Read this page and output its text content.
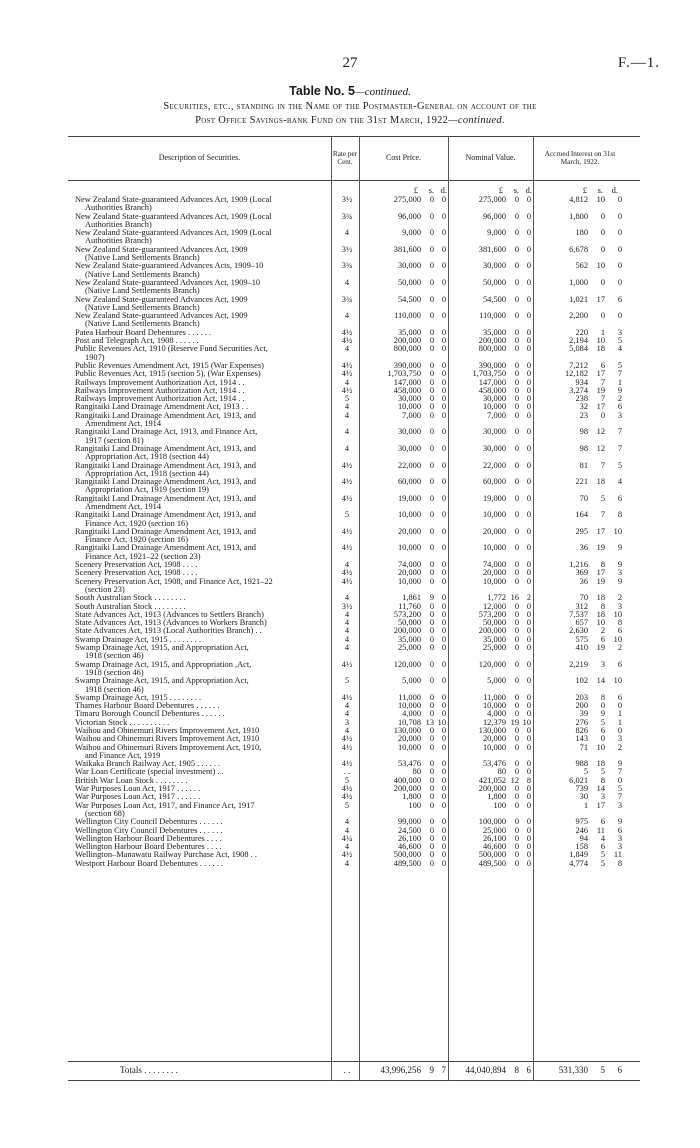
27	F.—1.
Table No. 5—continued.
Securities, etc., standing in the Name of the Postmaster-General on account of the
Post Office Savings-bank Fund on the 31st March, 1922—continued.
Description of Securities.	Rate per Cent.
Cost Price.	Nominal Value.	Accrued Interest on 31st March, 1922.
£	s. d.	£	s. d.	£	s.	d.
New Zealand State-guaranteed Advances Act, 1909 (Local
Authorities Branch)
3½	275,000	0 0	275,000	0 0	4,812	10	0
New Zealand State-guaranteed Advances Act, 1909 (Local
Authorities Branch)
3¾	96,000	0 0	96,000	0 0	1,800	0	0
New Zealand State-guaranteed Advances Act, 1909 (Local
Authorities Branch)
4	9,000	0 0	9,000	0 0	180	0	0
New Zealand State-guaranteed Advances Act, 1909
(Native Land Settlements Branch)
3½	381,600	0 0	381,600	0 0	6,678	0	0
New Zealand State-guaranteed Advances Acts, 1909–10
(Native Land Settlements Branch)
3¾	30,000	0 0	30,000	0 0	562	10	0
New Zealand State-guaranteed Advances Act, 1909–10
(Native Land Settlements Branch)
4	50,000	0 0	50,000	0 0	1,000	0	0
New Zealand State-guaranteed Advances Act, 1909
(Native Land Settlements Branch)
3¾	54,500	0 0	54,500	0 0	1,021	17	6
New Zealand State-guaranteed Advances Act, 1909
(Native Land Settlements Branch)
4	110,000	0 0	110,000	0 0	2,200	0	0
Patea Harbour Board Debentures . . . . . .	4½	35,000	0 0	35,000	0 0	220	1	3
Post and Telegraph Act, 1908 . . . . . .	4½	200,000	0 0	200,000	0 0	2,194	10	5
Public Revenues Act, 1910 (Reserve Fund Securities Act,
1907)
4	800,000	0 0	800,000	0 0	5,084	18	4
Public Revenues Amendment Act, 1915 (War Expenses)	4½	390,000	0 0	390,000	0 0	7,212	6	5
Public Revenues Act, 1915 (section 5), (War Expenses)	4½	1,703,750	0 0	1,703,750	0 0	12,182	17	7
Railways Improvement Authorization Act, 1914 . .	4	147,000	0 0	147,000	0 0	934	7	1
Railways Improvement Authorization Act, 1914 . .	4½	458,000	0 0	458,000	0 0	3,274	19	9
Railways Improvement Authorization Act, 1914 . .	5	30,000	0 0	30,000	0 0	238	7	2
Rangitaiki Land Drainage Amendment Act, 1913 . .	4	10,000	0 0	10,000	0 0	32	17	6
Rangitaiki Land Drainage Amendment Act, 1913, and
Amendment Act, 1914
4	7,000	0 0	7,000	0 0	23	0	3
Rangitaiki Land Drainage Act, 1913, and Finance Act,
1917 (section 81)
4	30,000	0 0	30,000	0 0	98	12	7
Rangitaiki Land Drainage Amendment Act, 1913, and
Appropriation Act, 1918 (section 44)
4	30,000	0 0	30,000	0 0	98	12	7
Rangitaiki Land Drainage Amendment Act, 1913, and
Appropriation Act, 1918 (section 44)
4½	22,000	0 0	22,000	0 0	81	7	5
Rangitaiki Land Drainage Amendment Act, 1913, and
Appropriation Act, 1919 (section 19)
4½	60,000	0 0	60,000	0 0	221	18	4
Rangitaiki Land Drainage Amendment Act, 1913, and
Amendment Act, 1914
4½	19,000	0 0	19,000	0 0	70	5	6
Rangitaiki Land Drainage Amendment Act, 1913, and
Finance Act, 1920 (section 16)
5	10,000	0 0	10,000	0 0	164	7	8
Rangitaiki Land Drainage Amendment Act, 1913, and
Finance Act, 1920 (section 16)
4½	20,000	0 0	20,000	0 0	295	17	10
Rangitaiki Land Drainage Amendment Act, 1913, and
Finance Act, 1921–22 (section 23)
4½	10,000	0 0	10,000	0 0	36	19	9
Scenery Preservation Act, 1908 . . . .	4	74,000	0 0	74,000	0 0	1,216	8	9
Scenery Preservation Act, 1908 . . . .	4½	20,000	0 0	20,000	0 0	369	17	3
Scenery Preservation Act, 1908, and Finance Act, 1921–22
(section 23)
4½	10,000	0 0	10,000	0 0	36	19	9
South Australian Stock . . . . . . . .	4	1,861	9 0	1,772 16 2	70	18	2
South Australian Stock . . . . . . . .	3½	11,760	0 0	12,000	0 0	312	8	3
State Advances Act, 1913 (Advances to Settlers Branch)	4	573,200	0 0	573,200	0 0	7,537	18	10
State Advances Act, 1913 (Advances to Workers Branch)	4	50,000	0 0	50,000	0 0	657	10	8
State Advances Act, 1913 (Local Authorities Branch) . .	4	200,000	0 0	200,000	0 0	2,630	2	6
Swamp Drainage Act, 1915 . . . . . . . .	4	35,000	0 0	35,000	0 0	575	6	10
Swamp Drainage Act, 1915, and Appropriation Act,
1918 (section 46)
4	25,000	0 0	25,000	0 0	410	19	2
Swamp Drainage Act, 1915, and Appropriation ,Act,
1918 (section 46)
4½	120,000	0 0	120,000	0 0	2,219	3	6
Swamp Drainage Act, 1915, and Appropriation Act,
1918 (section 46)
5	5,000	0 0	5,000	0 0	102	14	10
Swamp Drainage Act, 1915 . . . . . . . .	4½	11,000	0 0	11,000	0 0	203	8	6
Thames Harbour Board Debentures . . . . . .	4	10,000	0 0	10,000	0 0	200	0	0
Timaru Borough Council Debentures . . . . . .	4	4,000	0 0	4,000	0 0	39	9	1
Victorian Stock . . . . . . . . . .	3	10,708 13 10	12,379 19 10	276	5	1
Waihou and Ohinemuri Rivers Improvement Act, 1910	4	130,000	0 0	130,000	0 0	826	6	0
Waihou and Ohinemuri Rivers Improvement Act, 1910	4½	20,000	0 0	20,000	0 0	143	0	3
Waihou and Ohinemuri Rivers Improvement Act, 1910,
and Finance Act, 1919
4½	10,000	0 0	10,000	0 0	71	10	2
Waikaka Branch Railway Act, 1905 . . . . . .	4½	53,476	0 0	53,476	0 0	988	18	9
War Loan Certificate (special investment) . .	. .	80	0 0	80	0 0	5	5	7
British War Loan Stock . . . . . . . .	5	400,000	0 0	421,052 12 8	6,021	8	0
War Purposes Loan Act, 1917 . . . . . .	4½	200,000	0 0	200,000	0 0	739	14	5
War Purposes Loan Act, 1917 . . . . . .	4½	1,800	0 0	1,800	0 0	30	3	7
War Purposes Loan Act, 1917, and Finance Act, 1917
(section 68)
5	100	0 0	100	0 0	1	17	3
Wellington City Council Debentures . . . . . .	4	99,000	0 0	100,000	0 0	975	6	9
Wellington City Council Debentures . . . . . .	4	24,500	0 0	25,000	0 0	246	11	6
Wellington Harbour Board Debentures . . . .	4¼	26,100	0 0	26,100	0 0	94	4	3
Wellington Harbour Board Debentures . . . .	4	46,600	0 0	46,600	0 0	158	6	3
Wellington–Manawatu Railway Purchase Act, 1908 . .	4½	500,000	0 0	500,000	0 0	1,849	5	11
Westport Harbour Board Debentures . . . . . .	4	489,500	0 0	489,500	0 0	4,774	5	8
Totals . . . . . . . .	. .	43,996,256 9 7	44,040,894 8 6	531,330	5	6
